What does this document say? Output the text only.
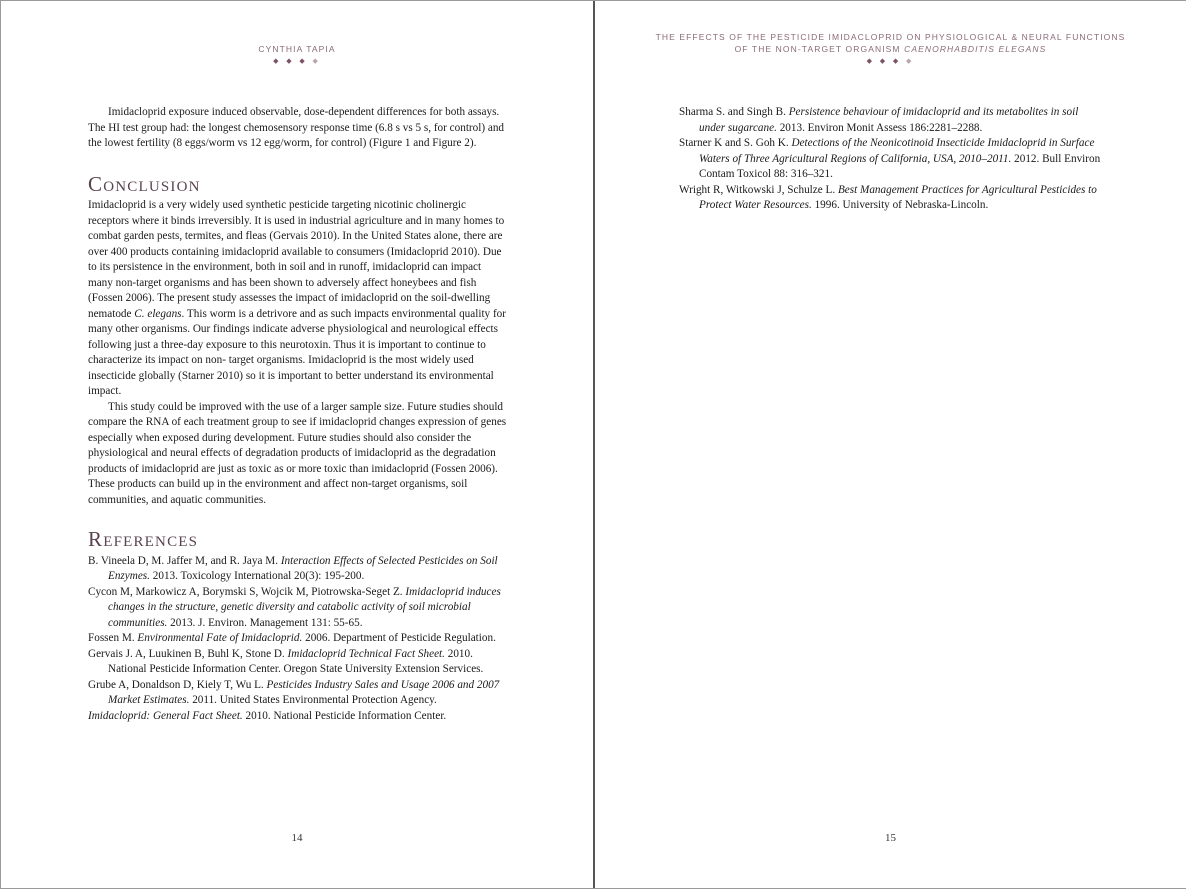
CYNTHIA TAPIA
◆ ◆ ◆ ◆

Imidacloprid exposure induced observable, dose-dependent differences for both assays. The HI test group had: the longest chemosensory response time (6.8 s vs 5 s, for control) and the lowest fertility (8 eggs/worm vs 12 egg/worm, for control) (Figure 1 and Figure 2).

Conclusion

Imidacloprid is a very widely used synthetic pesticide targeting nicotinic cholinergic receptors where it binds irreversibly. It is used in industrial agriculture and in many homes to combat garden pests, termites, and fleas (Gervais 2010). In the United States alone, there are over 400 products containing imidacloprid available to consumers (Imidacloprid 2010). Due to its persistence in the environment, both in soil and in runoff, imidacloprid can impact many non-target organisms and has been shown to adversely affect honeybees and fish (Fossen 2006). The present study assesses the impact of imidacloprid on the soil-dwelling nematode C. elegans. This worm is a detrivore and as such impacts environmental quality for many other organisms. Our findings indicate adverse physiological and neurological effects following just a three-day exposure to this neurotoxin. Thus it is important to continue to characterize its impact on non- target organisms. Imidacloprid is the most widely used insecticide globally (Starner 2010) so it is important to better understand its environmental impact.

This study could be improved with the use of a larger sample size. Future studies should compare the RNA of each treatment group to see if imidacloprid changes expression of genes especially when exposed during development. Future studies should also consider the physiological and neural effects of degradation products of imidacloprid as the degradation products of imidacloprid are just as toxic as or more toxic than imidacloprid (Fossen 2006). These products can build up in the environment and affect non-target organisms, soil communities, and aquatic communities.

References
B. Vineela D, M. Jaffer M, and R. Jaya M. Interaction Effects of Selected Pesticides on Soil Enzymes. 2013. Toxicology International 20(3): 195-200.
Cycon M, Markowicz A, Borymski S, Wojcik M, Piotrowska-Seget Z. Imidacloprid induces changes in the structure, genetic diversity and catabolic activity of soil microbial communities. 2013. J. Environ. Management 131: 55-65.
Fossen M. Environmental Fate of Imidacloprid. 2006. Department of Pesticide Regulation.
Gervais J. A, Luukinen B, Buhl K, Stone D. Imidacloprid Technical Fact Sheet. 2010. National Pesticide Information Center. Oregon State University Extension Services.
Grube A, Donaldson D, Kiely T, Wu L. Pesticides Industry Sales and Usage 2006 and 2007 Market Estimates. 2011. United States Environmental Protection Agency.
Imidacloprid: General Fact Sheet. 2010. National Pesticide Information Center.
14
THE EFFECTS OF THE PESTICIDE IMIDACLOPRID ON PHYSIOLOGICAL & NEURAL FUNCTIONS
OF THE NON-TARGET ORGANISM CAENORHABDITIS ELEGANS
◆ ◆ ◆ ◆
Sharma S. and Singh B. Persistence behaviour of imidacloprid and its metabolites in soil under sugarcane. 2013. Environ Monit Assess 186:2281–2288.
Starner K and S. Goh K. Detections of the Neonicotinoid Insecticide Imidacloprid in Surface Waters of Three Agricultural Regions of California, USA, 2010–2011. 2012. Bull Environ Contam Toxicol 88: 316–321.
Wright R, Witkowski J, Schulze L. Best Management Practices for Agricultural Pesticides to Protect Water Resources. 1996. University of Nebraska-Lincoln.
15
